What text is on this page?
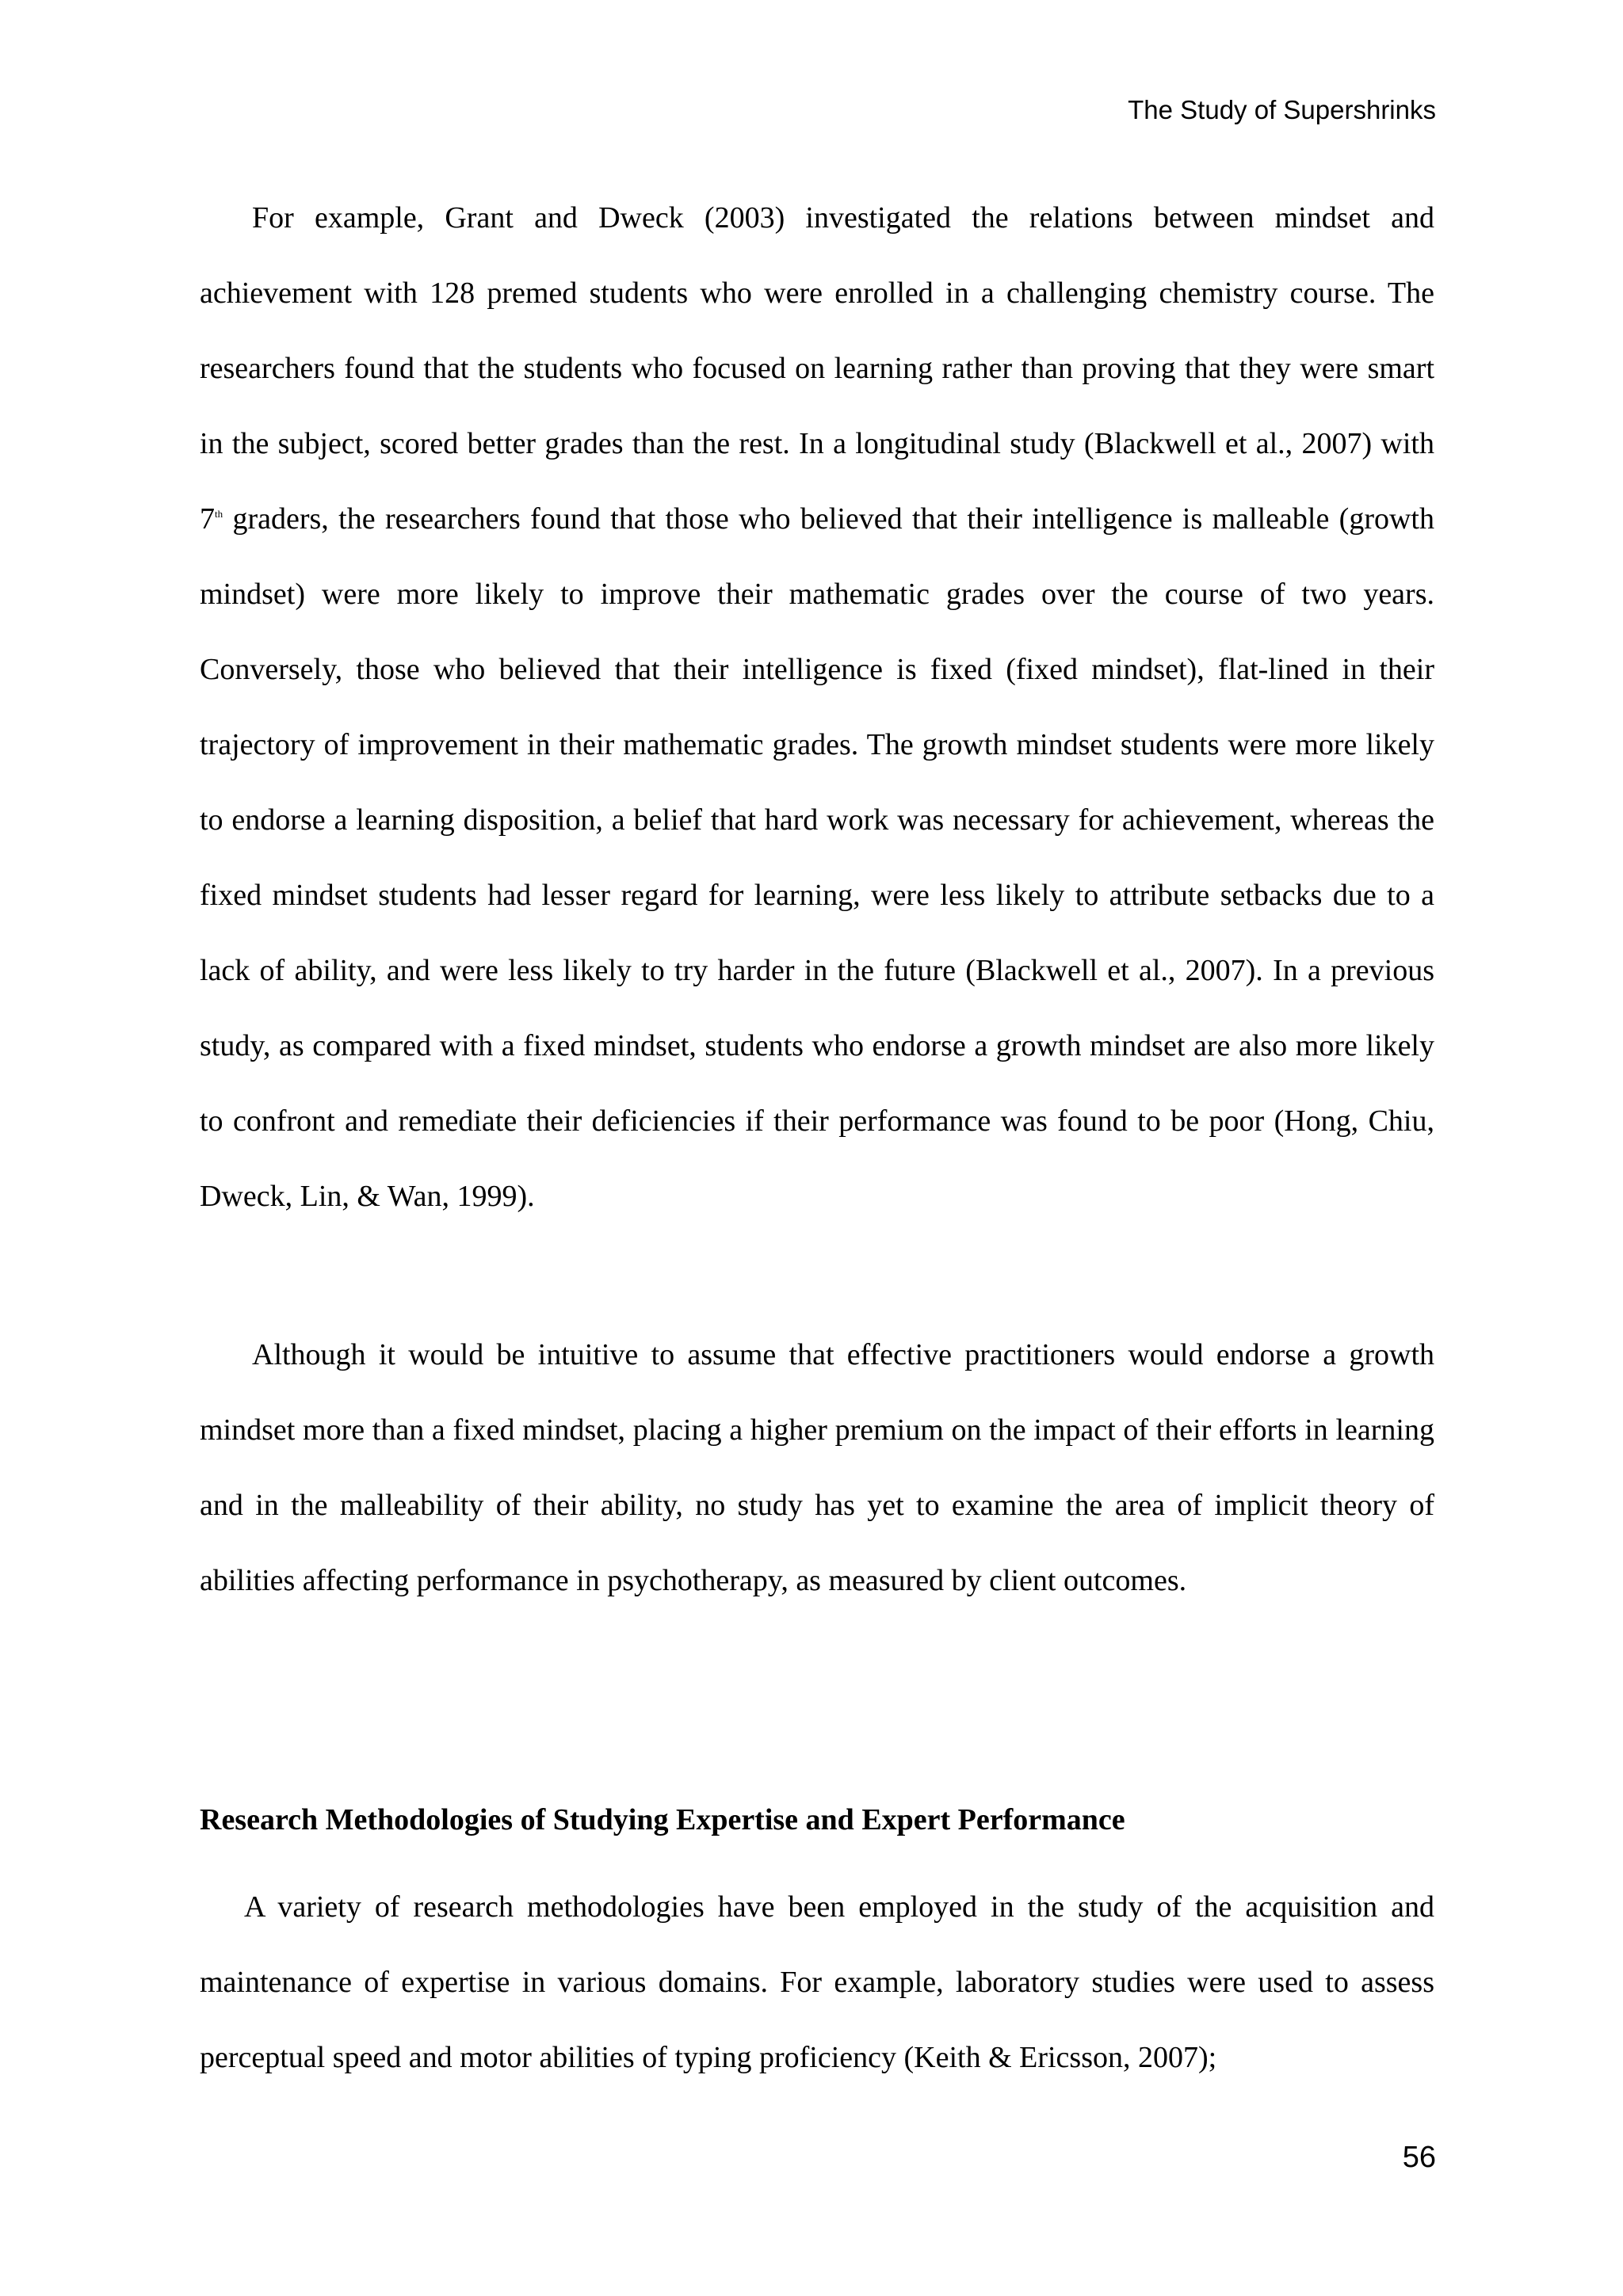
The Study of Supershrinks

For example, Grant and Dweck (2003) investigated the relations between mindset and achievement with 128 premed students who were enrolled in a challenging chemistry course. The researchers found that the students who focused on learning rather than proving that they were smart in the subject, scored better grades than the rest. In a longitudinal study (Blackwell et al., 2007) with 7th graders, the researchers found that those who believed that their intelligence is malleable (growth mindset) were more likely to improve their mathematic grades over the course of two years. Conversely, those who believed that their intelligence is fixed (fixed mindset), flat-lined in their trajectory of improvement in their mathematic grades. The growth mindset students were more likely to endorse a learning disposition, a belief that hard work was necessary for achievement, whereas the fixed mindset students had lesser regard for learning, were less likely to attribute setbacks due to a lack of ability, and were less likely to try harder in the future (Blackwell et al., 2007). In a previous study, as compared with a fixed mindset, students who endorse a growth mindset are also more likely to confront and remediate their deficiencies if their performance was found to be poor (Hong, Chiu, Dweck, Lin, & Wan, 1999).

Although it would be intuitive to assume that effective practitioners would endorse a growth mindset more than a fixed mindset, placing a higher premium on the impact of their efforts in learning and in the malleability of their ability, no study has yet to examine the area of implicit theory of abilities affecting performance in psychotherapy, as measured by client outcomes.

Research Methodologies of Studying Expertise and Expert Performance

A variety of research methodologies have been employed in the study of the acquisition and maintenance of expertise in various domains. For example, laboratory studies were used to assess perceptual speed and motor abilities of typing proficiency (Keith & Ericsson, 2007);

56
